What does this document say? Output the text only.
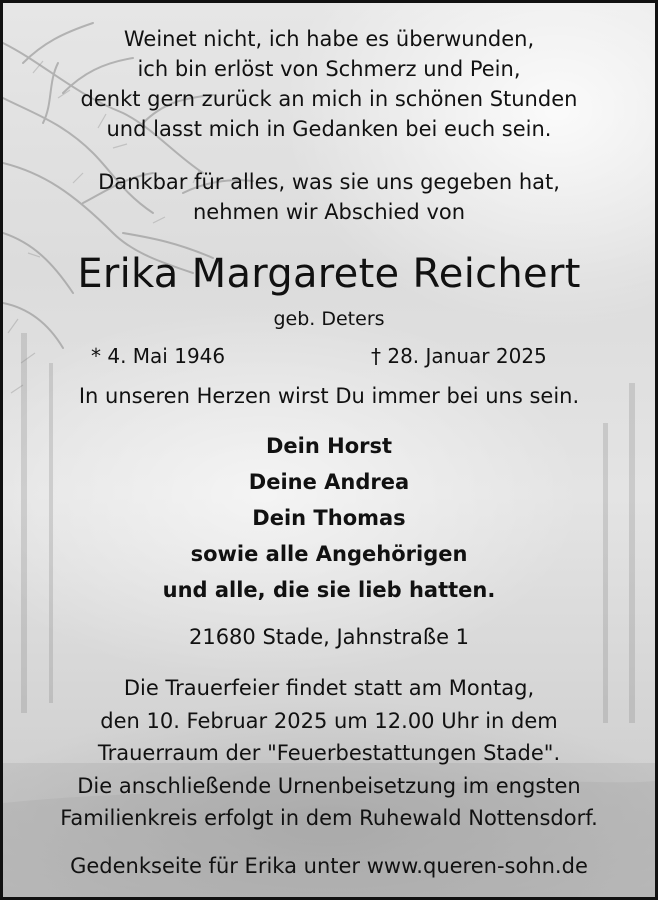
Weinet nicht, ich habe es überwunden,
ich bin erlöst von Schmerz und Pein,
denkt gern zurück an mich in schönen Stunden
und lasst mich in Gedanken bei euch sein.
Dankbar für alles, was sie uns gegeben hat,
nehmen wir Abschied von
Erika Margarete Reichert
geb. Deters
* 4. Mai 1946	† 28. Januar 2025
In unseren Herzen wirst Du immer bei uns sein.
Dein Horst
Deine Andrea
Dein Thomas
sowie alle Angehörigen
und alle, die sie lieb hatten.
21680 Stade, Jahnstraße 1
Die Trauerfeier findet statt am Montag,
den 10. Februar 2025 um 12.00 Uhr in dem
Trauerraum der "Feuerbestattungen Stade".
Die anschließende Urnenbeisetzung im engsten
Familienkreis erfolgt in dem Ruhewald Nottensdorf.
Gedenkseite für Erika unter www.queren-sohn.de
